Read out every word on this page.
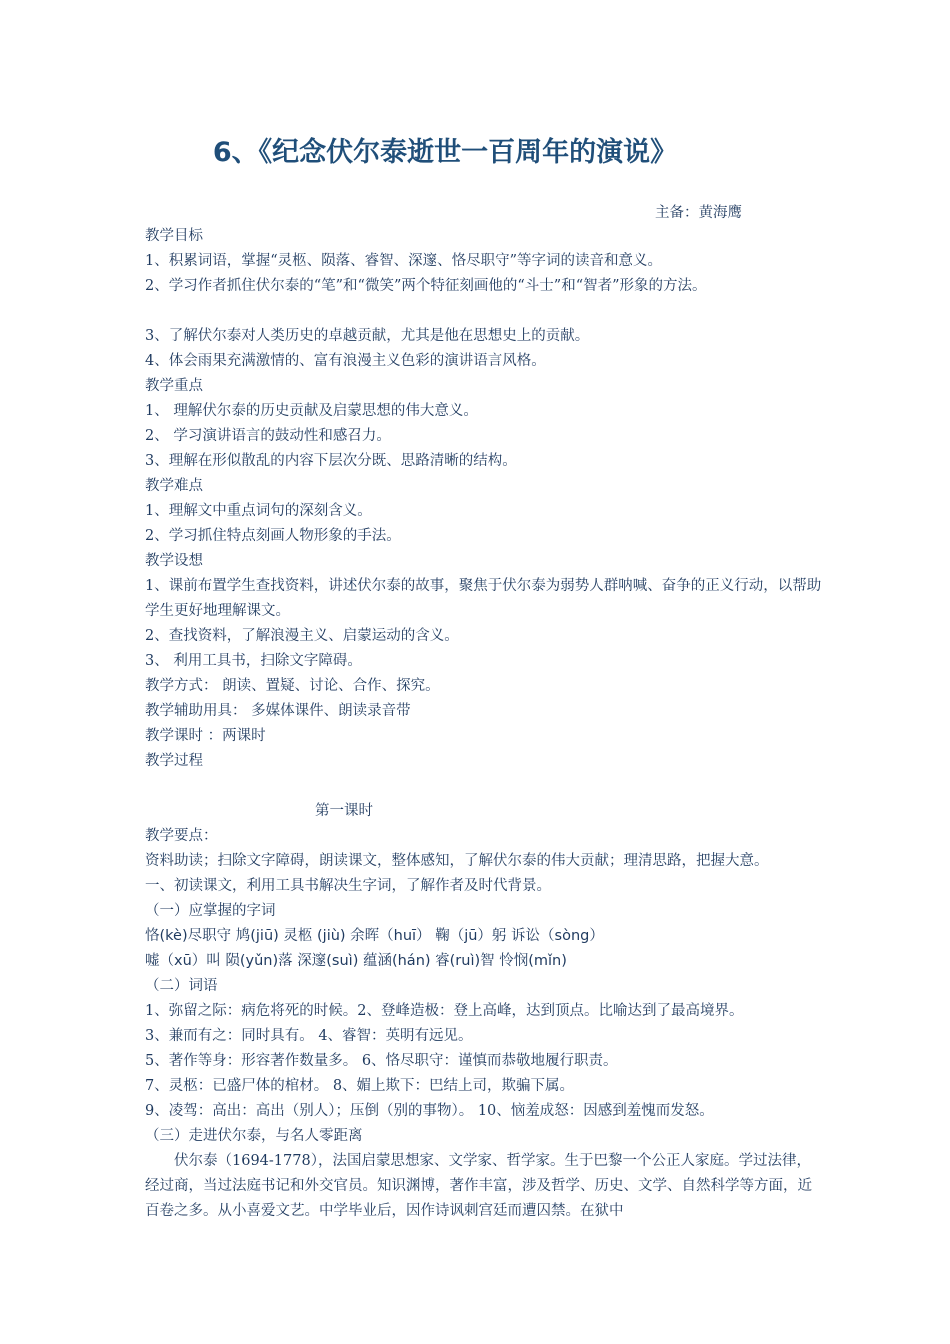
6、《纪念伏尔泰逝世一百周年的演说》
主备：黄海鹰
教学目标
1、积累词语，掌握“灵柩、陨落、睿智、深邃、恪尽职守”等字词的读音和意义。
2、学习作者抓住伏尔泰的“笔”和“微笑”两个特征刻画他的“斗士”和“智者”形象的方法。
3、了解伏尔泰对人类历史的卓越贡献，尤其是他在思想史上的贡献。
4、体会雨果充满激情的、富有浪漫主义色彩的演讲语言风格。
教学重点
1、 理解伏尔泰的历史贡献及启蒙思想的伟大意义。
2、 学习演讲语言的鼓动性和感召力。
3、理解在形似散乱的内容下层次分既、思路清晰的结构。
教学难点
1、理解文中重点词句的深刻含义。
2、学习抓住特点刻画人物形象的手法。
教学设想
1、课前布置学生查找资料，讲述伏尔泰的故事，聚焦于伏尔泰为弱势人群呐喊、奋争的正义行动，以帮助学生更好地理解课文。
2、查找资料，了解浪漫主义、启蒙运动的含义。
3、 利用工具书，扫除文字障碍。
教学方式： 朗读、置疑、讨论、合作、探究。
教学辅助用具： 多媒体课件、朗读录音带
教学课时 ：两课时
教学过程
第一课时
教学要点：
资料助读；扫除文字障碍，朗读课文，整体感知，了解伏尔泰的伟大贡献；理清思路，把握大意。
一、初读课文，利用工具书解决生字词，了解作者及时代背景。
（一）应掌握的字词
恪(kè)尽职守 鸠(jiū) 灵柩 (jiù) 余晖（huī） 鞠（jū）躬 诉讼（sòng）
嘘（xū）叫 陨(yǔn)落 深邃(suì) 蕴涵(hán) 睿(ruì)智 怜悯(mǐn)
（二）词语
1、弥留之际：病危将死的时候。2、登峰造极：登上高峰，达到顶点。比喻达到了最高境界。
3、兼而有之：同时具有。 4、睿智：英明有远见。
5、著作等身：形容著作数量多。 6、恪尽职守：谨慎而恭敬地履行职责。
7、灵柩：已盛尸体的棺材。 8、媚上欺下：巴结上司，欺骗下属。
9、凌驾：高出：高出（别人）；压倒（别的事物）。 10、恼羞成怒：因感到羞愧而发怒。
（三）走进伏尔泰，与名人零距离
伏尔泰（1694-1778），法国启蒙思想家、文学家、哲学家。生于巴黎一个公正人家庭。学过法律，经过商，当过法庭书记和外交官员。知识渊博，著作丰富，涉及哲学、历史、文学、自然科学等方面，近百卷之多。从小喜爱文艺。中学毕业后，因作诗讽刺宫廷而遭囚禁。在狱中
